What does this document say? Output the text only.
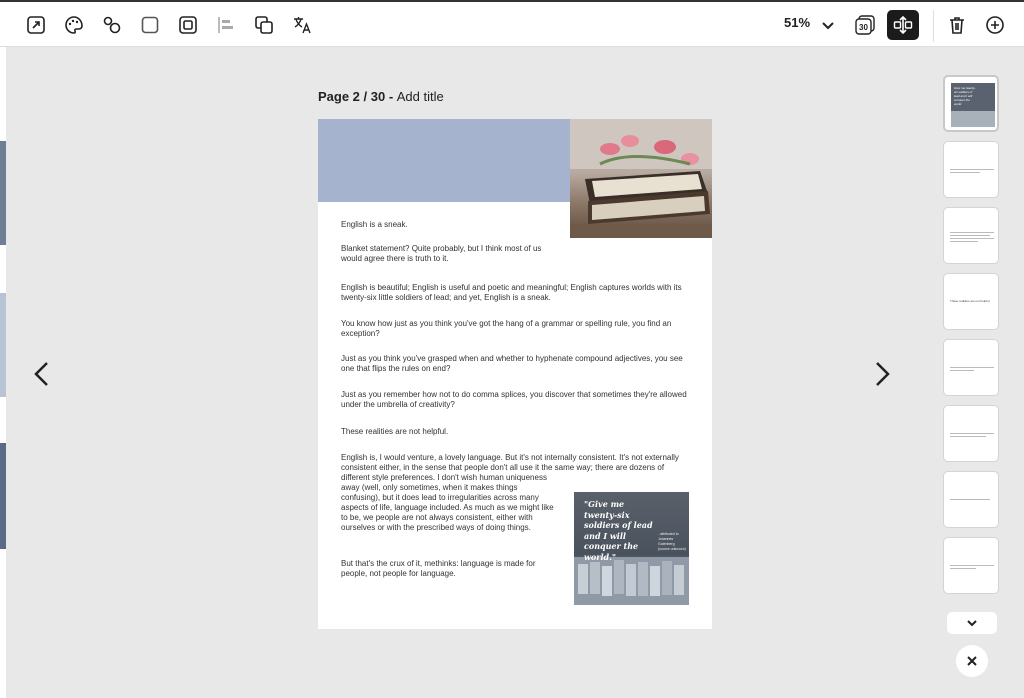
51%	30
Page 2 / 30 - Add title
English is a sneak.
Blanket statement? Quite probably, but I think most of us would agree there is truth to it.
English is beautiful; English is useful and poetic and meaningful; English captures worlds with its twenty-six little soldiers of lead; and yet, English is a sneak.
You know how just as you think you've got the hang of a grammar or spelling rule, you find an exception?
Just as you think you've grasped when and whether to hyphenate compound adjectives, you see one that flips the rules on end?
Just as you remember how not to do comma splices, you discover that sometimes they're allowed under the umbrella of creativity?
These realities are not helpful.
English is, I would venture, a lovely language. But it's not internally consistent. It's not externally consistent either, in the sense that people don't all use it the same way; there are dozens of different style preferences. I don't wish human uniqueness
away (well, only sometimes, when it makes things confusing), but it does lead to irregularities across many aspects of life, language included. As much as we might like to be, we people are not always consistent, either with ourselves or with the prescribed ways of doing things.
But that's the crux of it, methinks: language is made for people, not people for language.
"Give me twenty-six soldiers of lead and I will conquer the world."
- attributed to Johannes Gutenberg (source unknown)
Give me twenty-six soldiers of lead and I will conquer the world.
These realities are not helpful.
